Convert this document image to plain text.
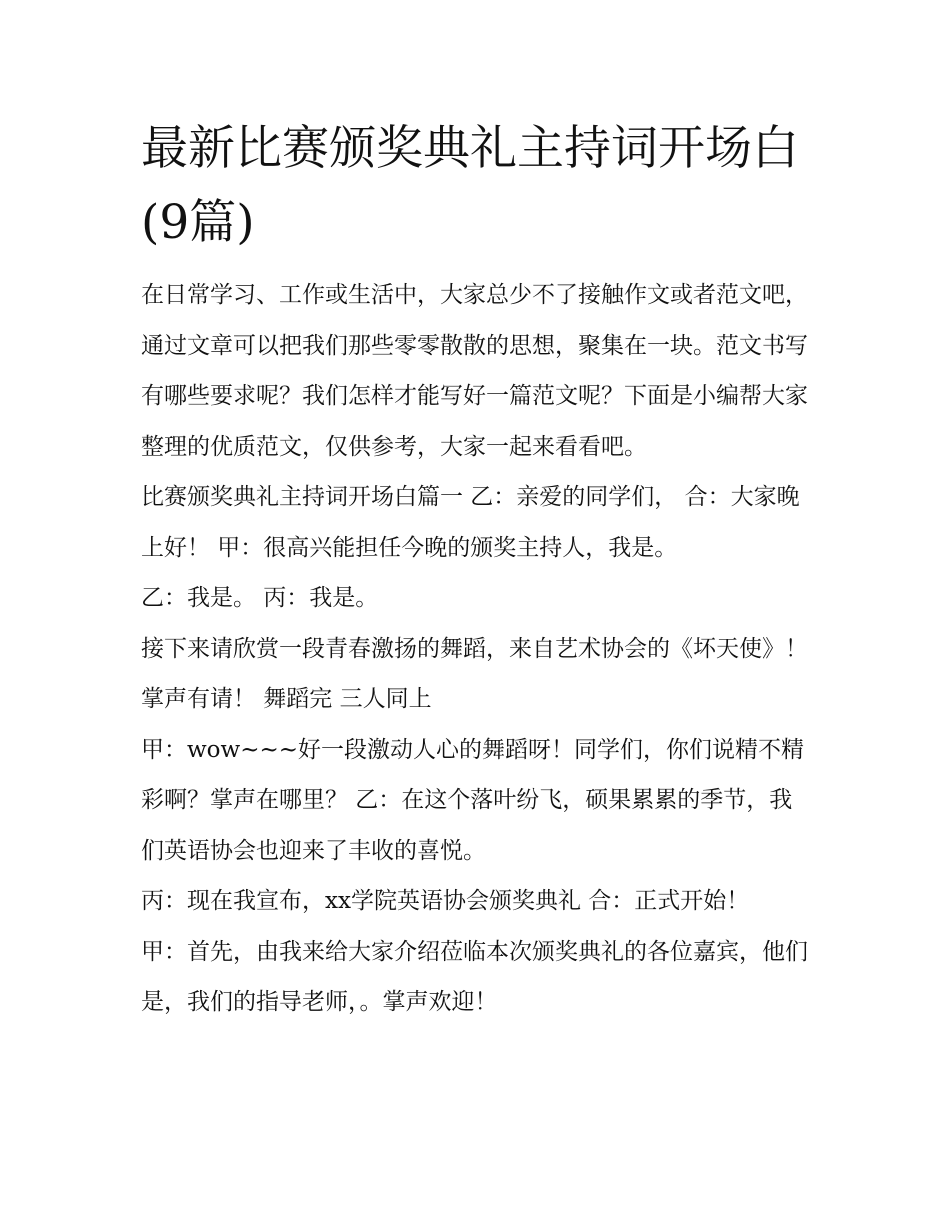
最新比赛颁奖典礼主持词开场白(9篇)

在日常学习、工作或生活中，大家总少不了接触作文或者范文吧，通过文章可以把我们那些零零散散的思想，聚集在一块。范文书写有哪些要求呢？我们怎样才能写好一篇范文呢？下面是小编帮大家整理的优质范文，仅供参考，大家一起来看看吧。

比赛颁奖典礼主持词开场白篇一 乙：亲爱的同学们， 合：大家晚上好！ 甲：很高兴能担任今晚的颁奖主持人，我是。

乙：我是。 丙：我是。

接下来请欣赏一段青春激扬的舞蹈，来自艺术协会的《坏天使》！ 掌声有请！ 舞蹈完 三人同上

甲：wow~~~好一段激动人心的舞蹈呀！同学们，你们说精不精彩啊？掌声在哪里？ 乙：在这个落叶纷飞，硕果累累的季节，我们英语协会也迎来了丰收的喜悦。

丙：现在我宣布，xx学院英语协会颁奖典礼 合：正式开始！

甲：首先，由我来给大家介绍莅临本次颁奖典礼的各位嘉宾，他们是，我们的指导老师，。掌声欢迎！
